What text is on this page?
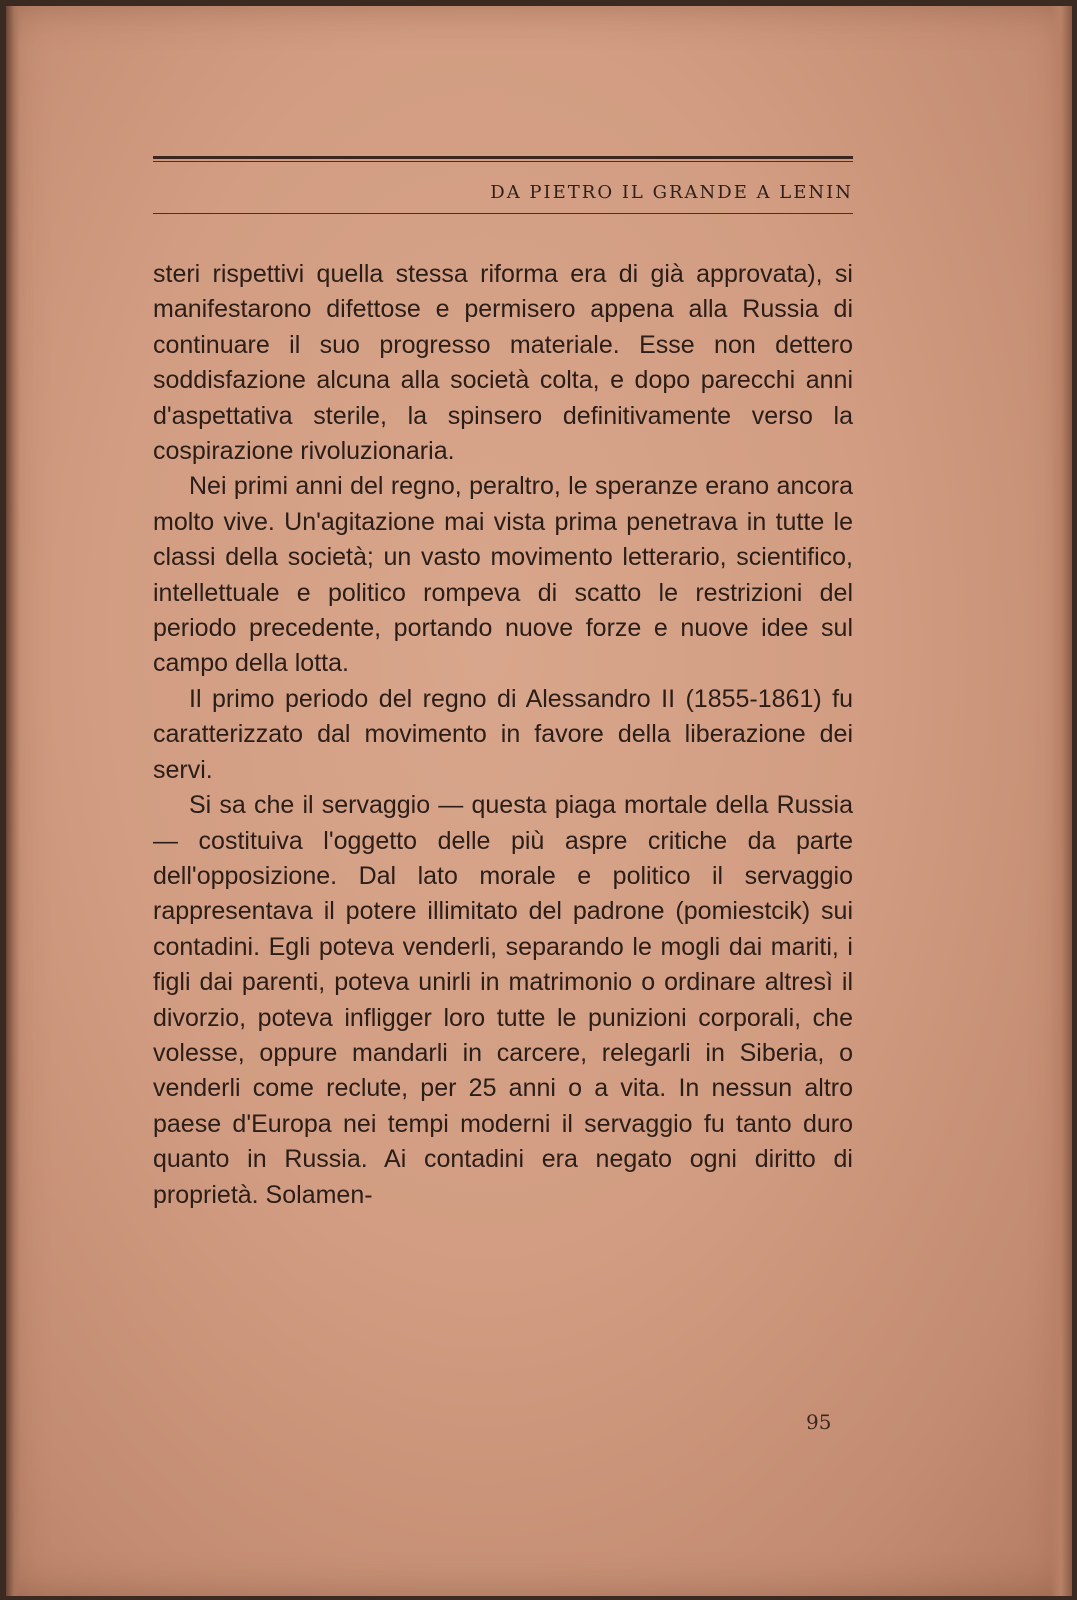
DA PIETRO IL GRANDE A LENIN

steri rispettivi quella stessa riforma era di già approvata), si manifestarono difettose e permisero appena alla Russia di continuare il suo progresso materiale. Esse non dettero soddisfazione alcuna alla società colta, e dopo parecchi anni d'aspettativa sterile, la spinsero definitivamente verso la cospirazione rivoluzionaria.

Nei primi anni del regno, peraltro, le speranze erano ancora molto vive. Un'agitazione mai vista prima penetrava in tutte le classi della società; un vasto movimento letterario, scientifico, intellettuale e politico rompeva di scatto le restrizioni del periodo precedente, portando nuove forze e nuove idee sul campo della lotta.

Il primo periodo del regno di Alessandro II (1855-1861) fu caratterizzato dal movimento in favore della liberazione dei servi.

Si sa che il servaggio — questa piaga mortale della Russia — costituiva l'oggetto delle più aspre critiche da parte dell'opposizione. Dal lato morale e politico il servaggio rappresentava il potere illimitato del padrone (pomiestcik) sui contadini. Egli poteva venderli, separando le mogli dai mariti, i figli dai parenti, poteva unirli in matrimonio o ordinare altresì il divorzio, poteva infligger loro tutte le punizioni corporali, che volesse, oppure mandarli in carcere, relegarli in Siberia, o venderli come reclute, per 25 anni o a vita. In nessun altro paese d'Europa nei tempi moderni il servaggio fu tanto duro quanto in Russia. Ai contadini era negato ogni diritto di proprietà. Solamen-

95
